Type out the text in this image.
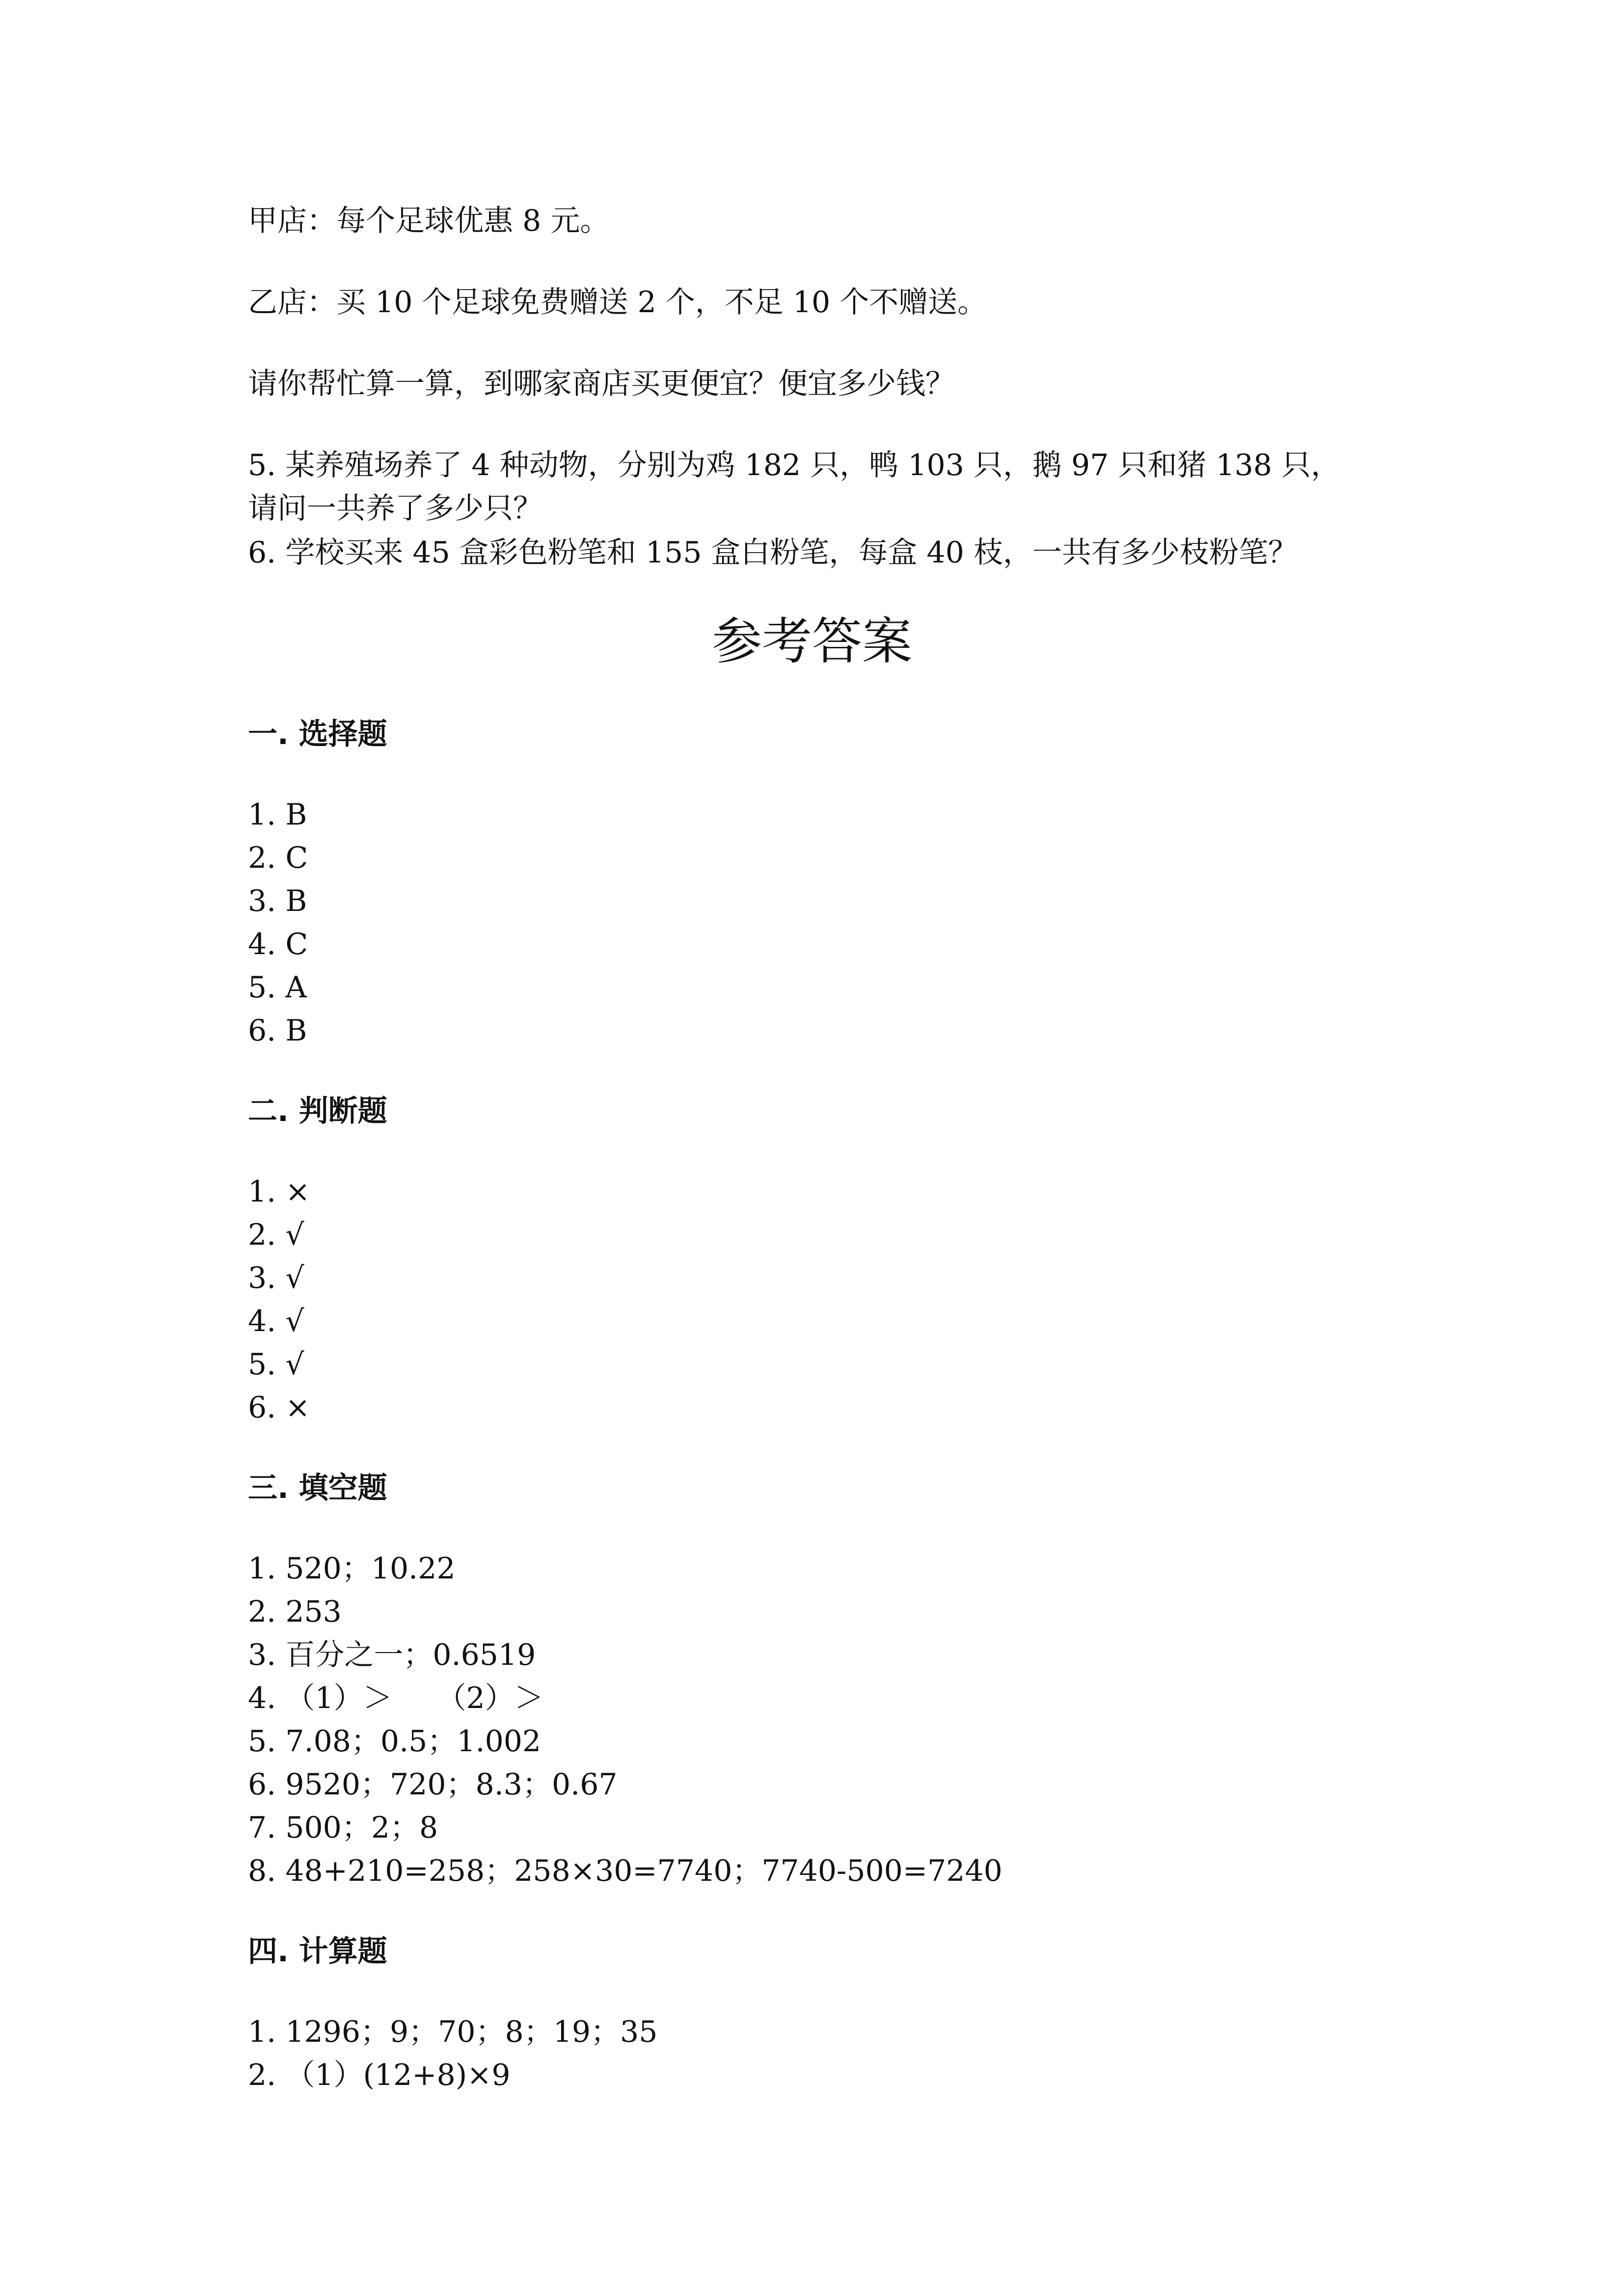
甲店：每个足球优惠 8 元。

乙店：买 10 个足球免费赠送 2 个，不足 10 个不赠送。

请你帮忙算一算，到哪家商店买更便宜？便宜多少钱？

5. 某养殖场养了 4 种动物，分别为鸡 182 只，鸭 103 只，鹅 97 只和猪 138 只，

请问一共养了多少只？

6. 学校买来 45 盒彩色粉笔和 155 盒白粉笔，每盒 40 枝，一共有多少枝粉笔？

参考答案
一. 选择题

1. B

2. C

3. B

4. C

5. A

6. B

二. 判断题

1. ×

2. √

3. √

4. √

5. √

6. ×

三. 填空题

1. 520；10.22

2. 253

3. 百分之一；0.6519

4. （1）＞　　（2）＞

5. 7.08；0.5；1.002

6. 9520；720；8.3；0.67

7. 500；2；8

8. 48+210=258；258×30=7740；7740-500=7240

四. 计算题

1. 1296；9；70；8；19；35

2. （1）(12+8)×9
